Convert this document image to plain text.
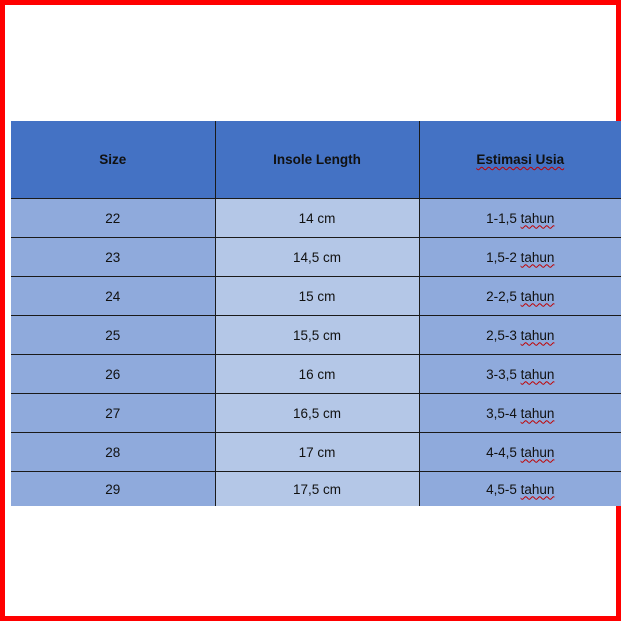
Size	Insole Length	Estimasi Usia
22	14 cm	1-1,5 tahun
23	14,5 cm	1,5-2 tahun
24	15 cm	2-2,5 tahun
25	15,5 cm	2,5-3 tahun
26	16 cm	3-3,5 tahun
27	16,5 cm	3,5-4 tahun
28	17 cm	4-4,5 tahun
29	17,5 cm	4,5-5 tahun
